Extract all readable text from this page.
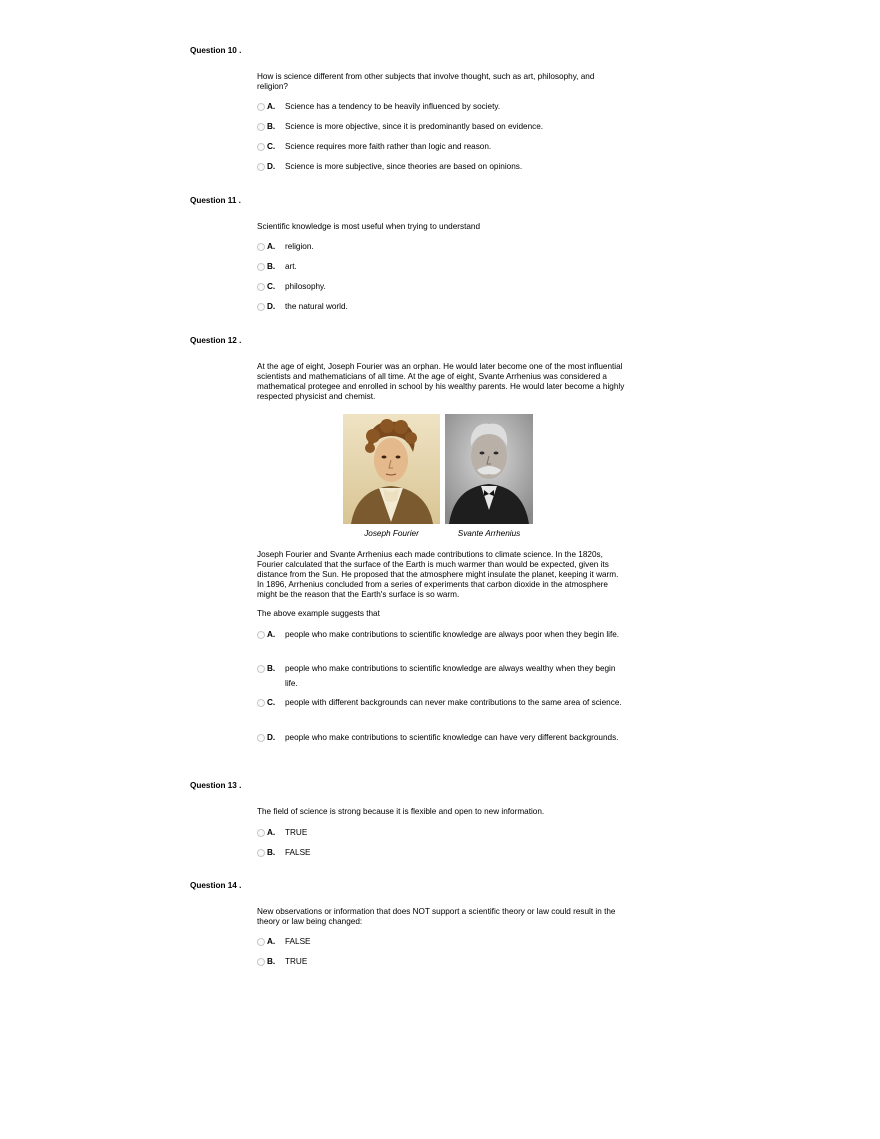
Question 10 .
How is science different from other subjects that involve thought, such as art, philosophy, and religion?
A. Science has a tendency to be heavily influenced by society.
B. Science is more objective, since it is predominantly based on evidence.
C. Science requires more faith rather than logic and reason.
D. Science is more subjective, since theories are based on opinions.
Question 11 .
Scientific knowledge is most useful when trying to understand
A. religion.
B. art.
C. philosophy.
D. the natural world.
Question 12 .
At the age of eight, Joseph Fourier was an orphan. He would later become one of the most influential scientists and mathematicians of all time. At the age of eight, Svante Arrhenius was considered a mathematical protegee and enrolled in school by his wealthy parents. He would later become a highly respected physicist and chemist.
Joseph Fourier	Svante Arrhenius
Joseph Fourier and Svante Arrhenius each made contributions to climate science. In the 1820s, Fourier calculated that the surface of the Earth is much warmer than would be expected, given its distance from the Sun. He proposed that the atmosphere might insulate the planet, keeping it warm. In 1896, Arrhenius concluded from a series of experiments that carbon dioxide in the atmosphere might be the reason that the Earth's surface is so warm.
The above example suggests that
A. people who make contributions to scientific knowledge are always poor when they begin life.
B. people who make contributions to scientific knowledge are always wealthy when they begin life.
C. people with different backgrounds can never make contributions to the same area of science.
D. people who make contributions to scientific knowledge can have very different backgrounds.
Question 13 .
The field of science is strong because it is flexible and open to new information.
A. TRUE
B. FALSE
Question 14 .
New observations or information that does NOT support a scientific theory or law could result in the theory or law being changed:
A. FALSE
B. TRUE
